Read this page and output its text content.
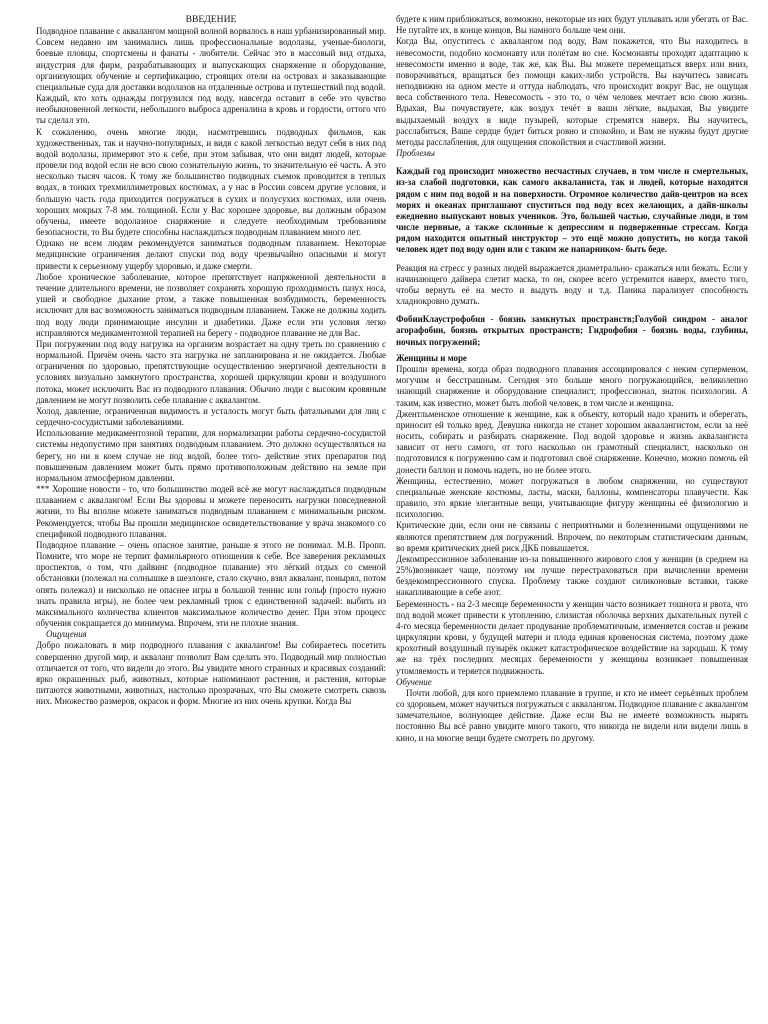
ВВЕДЕНИЕ

Подводное плавание с аквалангом мощной волной ворвалось в наш урбанизированный мир. Совсем недавно им занимались лишь профессиональные водолазы, ученые-биологи, боевые пловцы, спортсмены и фанаты - любители. Сейчас это в массовый вид отдыха, индустрия для фирм, разрабатывающих и выпускающих снаряжение и оборудование, организующих обучение и сертификацию, строящих отели на островах и заказывающие специальные суда для доставки водолазов на отдаленные острова и путешествий под водой.

Каждый, кто хоть однажды погрузился под воду, навсегда оставит в себе это чувство необыкновенной легкости, небольшого выброса адреналина в кровь и гордости, оттого что ты сделал это.

К сожалению, очень многие люди, насмотревшись подводных фильмов, как художественных, так и научно-популярных, и видя с какой легкостью ведут себя в них под водой водолазы, примеряют это к себе, при этом забывая, что они видят людей, которые провели под водой если не всю свою сознательную жизнь, то значительную её часть. А это несколько тысяч часов. К тому же большинство подводных съемок проводится в теплых водах, в тонких трехмиллиметровых костюмах, а у нас в России совсем другие условия, и большую часть года приходится погружаться в сухих и полусухих костюмах, или очень хороших мокрых 7-8 мм. толщиной. Если у Вас хорошее здоровье, вы должным образом обучены, имеете водолазное снаряжение и следуете необходимым требованиям безопасности, то Вы будете способны наслаждаться подводным плаванием много лет.

Однако не всем людям рекомендуется заниматься подводным плаванием. Некоторые медицинские ограничения делают спуски под воду чрезвычайно опасными и могут привести к серьезному ущербу здоровью, и даже смерти.

Любое хроническое заболевание, которое препятствует напряженной деятельности в течение длительного времени, не позволяет сохранять хорошую проходимость пазух носа, ушей и свободное дыхание ртом, а также повышенная возбудимость, беременность исключит для вас возможность заниматься подводным плаванием. Также не должны ходить под воду люди принимающие инсулин и диабетики. Даже если эти условия легко исправляются медикаментозной терапией на берегу - подводное плавание не для Вас.

При погружении под воду нагрузка на организм возрастает на одну треть по сравнению с нормальной. Причём очень часто эта нагрузка не запланирована и не ожидается. Любые ограничения по здоровью, препятствующие осуществлению энергичной деятельности в условиях визуально замкнутого пространства, хорошей циркуляции крови и воздушного потока, может исключить Вас из подводного плавания. Обычно люди с высоким кровяным давлением не могут позволить себе плавание с аквалангом.

Холод, давление, ограниченная видимость и усталость могут быть фатальными для лиц с сердечно-сосудистыми заболеваниями.

Использование медикаментозной терапии, для нормализации работы сердечно-сосудистой системы недопустимо при занятиях подводным плаванием. Это должно осуществляться на берегу, но ни в коем случае не под водой, более того- действие этих препаратов под повышенным давлением может быть прямо противоположным действию на земле при нормальном атмосферном давлении.

*** Хорошие новости - то, что большинство людей всё же могут наслаждаться подводным плаванием с аквалангом! Если Вы здоровы и можете переносить нагрузки повседневной жизни, то Вы вполне можете заниматься подводным плаванием с минимальным риском. Рекомендуется, чтобы Вы прошли медицинское освидетельствование у врача знакомого со спецификой подводного плавания.

Подводное плавание – очень опасное занятие, раньше я этого не понимал. М.В. Пропп. Помните, что море не терпит фамильярного отношения к себе. Все заверения рекламных проспектов, о том, что дайвинг (подводное плавание) это лёгкий отдых со сменой обстановки (полежал на солнышке в шезлонге, стало скучно, взял акваланг, понырял, потом опять полежал) и нисколько не опаснее игры в большой теннис или гольф (просто нужно знать правила игры), не более чем рекламный трюк с единственной задачей: выбить из максимального количества клиентов максимальное количество денег. При этом процесс обучения сокращается до минимума. Впрочем, эти не плохие знания.

Ощущения

Добро пожаловать в мир подводного плавания с аквалангом! Вы собираетесь посетить совершенно другой мир, и акваланг позволит Вам сделать это. Подводный мир полностью отличается от того, что видели до этого. Вы увидите много странных и красивых созданий: ярко окрашенных рыб, животных, которые напоминают растения, и растения, которые питаются животными, животных, настолько прозрачных, что Вы сможете смотреть сквозь них. Множество размеров, окрасок и форм. Многие из них очень крупки. Когда Вы

будете к ним приближаться, возможно, некоторые из них будут уплывать или убегать от Вас. Не пугайте их, в конце концов, Вы намного больше чем они.

Когда Вы, опуститесь с аквалангом под воду, Вам покажется, что Вы находитесь в невесомости, подобно космонавту или полётам во сне. Космонавты проходят адаптацию к невесомости именно в воде, так же, как Вы. Вы можете перемещаться вверх или вниз, поворачиваться, вращаться без помощи каких-либо устройств. Вы научитесь зависать неподвижно на одном месте и оттуда наблюдать, что происходит вокруг Вас, не ощущая веса собственного тела. Невесомость - это то, о чём человек мечтает всю свою жизнь. Вдыхая, Вы почувствуете, как воздух течёт в ваши лёгкие, выдыхая, Вы увидите выдыхаемый воздух в виде пузырей, которые стремятся наверх. Вы научитесь, расслабиться, Ваше сердце будет биться ровно и спокойно, и Вам не нужны будут другие методы расслабления, для ощущения спокойствия и счастливой жизни.

Проблемы

Каждый год происходит множество несчастных случаев, в том числе и смертельных, из-за слабой подготовки, как самого акваланиста, так и людей, которые находятся рядом с ним под водой и на поверхности. Огромное количество дайв-центров на всех морях и океанах приглашают спуститься под воду всех желающих, а дайв-школы ежедневно выпускают новых учеников. Это, большей частью, случайные люди, в том числе нервные, а также склонные к депрессиям и подверженные стрессам. Когда рядом находится опытный инструктор – это ещё можно допустить, но когда такой человек идет под воду один или с таким же напарником- быть беде.

Реакция на стресс у разных людей выражается диаметрально- сражаться или бежать. Если у начинающего дайвера слетит маска, то он, скорее всего устремится наверх, вместо того, чтобы вернуть её на место и выдуть воду и т.д. Паника парализует способность хладнокровно думать.

ФобииКлаустрофобия - боязнь замкнутых пространств;Голубой синдром - аналог агорафобии, боязнь открытых пространств; Гидрофобия - боязнь воды, глубины, ночных погружений;

Женщины и море

Прошли времена, когда образ подводного плавания ассоциировался с неким суперменом, могучим и бесстрашным. Сегодня это больше много погружающийся, великолепно знающий снаряжение и оборудование специалист, профессионал, знаток психологии. А таким, как известно, может быть любой человек, в том числе и женщина.

Джентльменское отношение к женщине, как к объекту, который надо хранить и оберегать, приносит ей только вред. Девушка никогда не станет хорошим аквалангистом, если за неё носить, собирать и разбирать снаряжение. Под водой здоровье и жизнь аквалангиста зависит от него самого, от того насколько он грамотный специалист, насколько он подготовился к погружению сам и подготовил своё снаряжение. Конечно, можно помочь ей донести баллон и помочь надеть, но не более этого.

Женщины, естественно, может погружаться в любом снаряжении, но существуют специальные женские костюмы, ласты, маски, баллоны, компенсаторы плавучести. Как правило, это яркие элегантные вещи, учитывающие фигуру женщины её физиологию и психологию.

Критические дни, если они не связаны с неприятными и болезненными ощущениями не являются препятствием для погружений. Впрочем, по некоторым статистическим данным, во время критических дней риск ДКБ повышается.

Декомпрессионное заболевание из-за повышенного жирового слоя у женщин (в среднем на 25%)возникает чаще, поэтому им лучше перестраховаться при вычислении времени бездекомпрессионного спуска. Проблему также создают силиконовые вставки, также накапливающие в себе азот.

Беременность - на 2-3 месяце беременности у женщин часто возникает тошнота и рвота, что под водой может привести к утоплению, слизистая оболочка верхних дыхательных путей с 4-го месяца беременности делает продувание проблематичным, изменяется состав и режим циркуляции крови, у будущей матери и плода единая кровеносная система, поэтому даже крохотный воздушный пузырёк окажет катастрофическое воздействие на зародыш. К тому же на трёх последних месяцах беременности у женщины возникает повышенная утомляемость и теряется подвижность.

Обучение

Почти любой, для кого приемлемо плавание в группе, и кто не имеет серьёзных проблем со здоровьем, может научиться погружаться с аквалангом. Подводное плавание с аквалангом замечательное, волнующее действие. Даже если Вы не имеете возможность нырять постоянно Вы всё равно увидите много такого, что никогда не видели или видели лишь в кино, и на многие вещи будете смотреть по другому.
